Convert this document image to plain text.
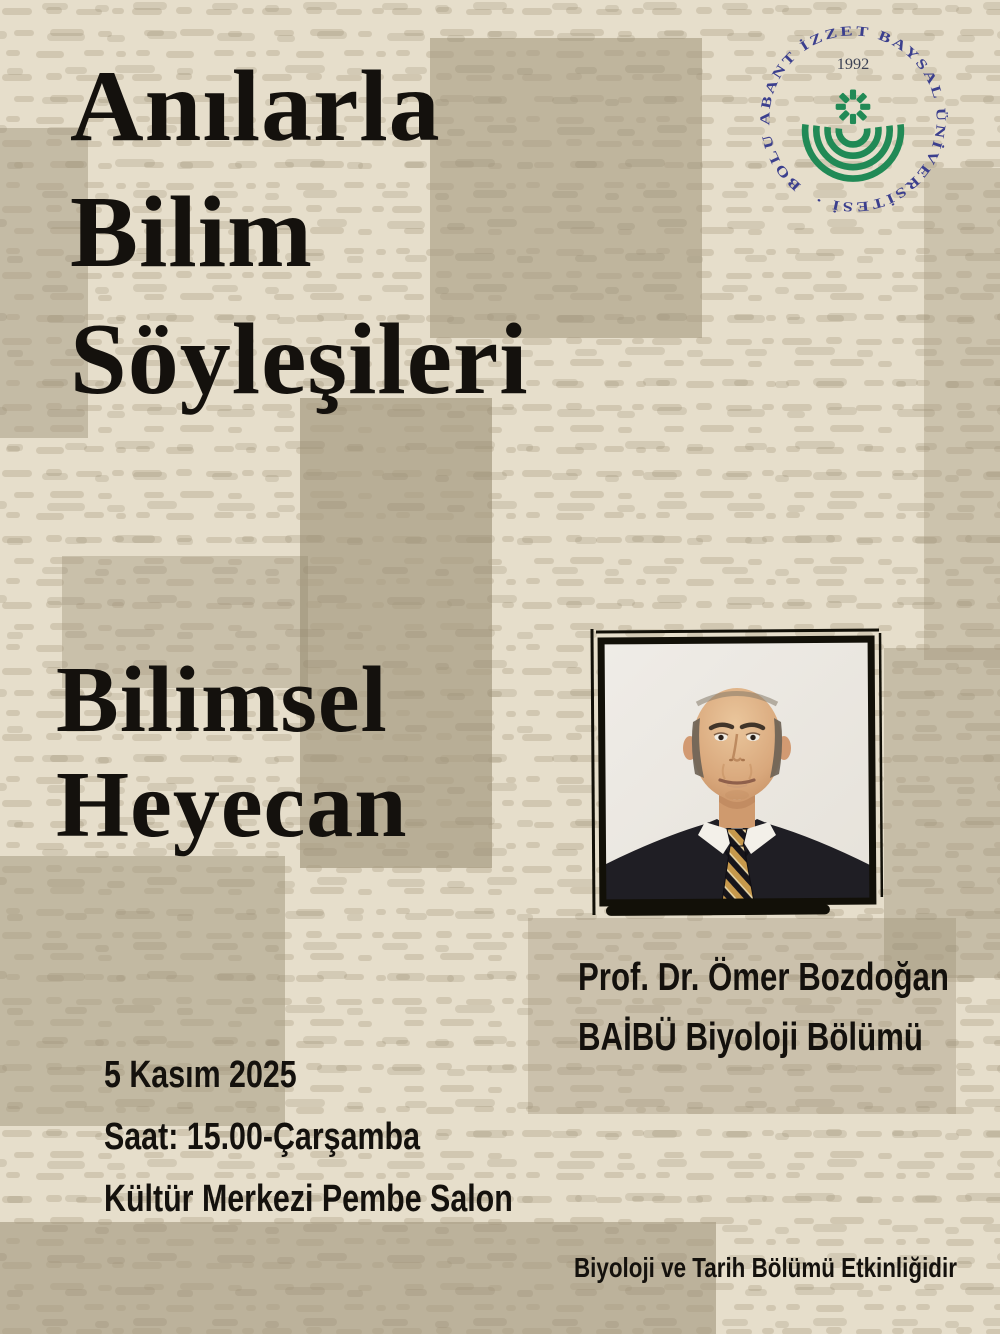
Anılarla
Bilim
Söyleşileri
BOLU ABANT İZZET BAYSAL ÜNİVERSİTESİ ·
1992
Bilimsel
Heyecan
Prof. Dr. Ömer Bozdoğan
BAİBÜ Biyoloji Bölümü
5 Kasım 2025
Saat: 15.00-Çarşamba
Kültür Merkezi Pembe Salon
Biyoloji ve Tarih Bölümü Etkinliğidir
